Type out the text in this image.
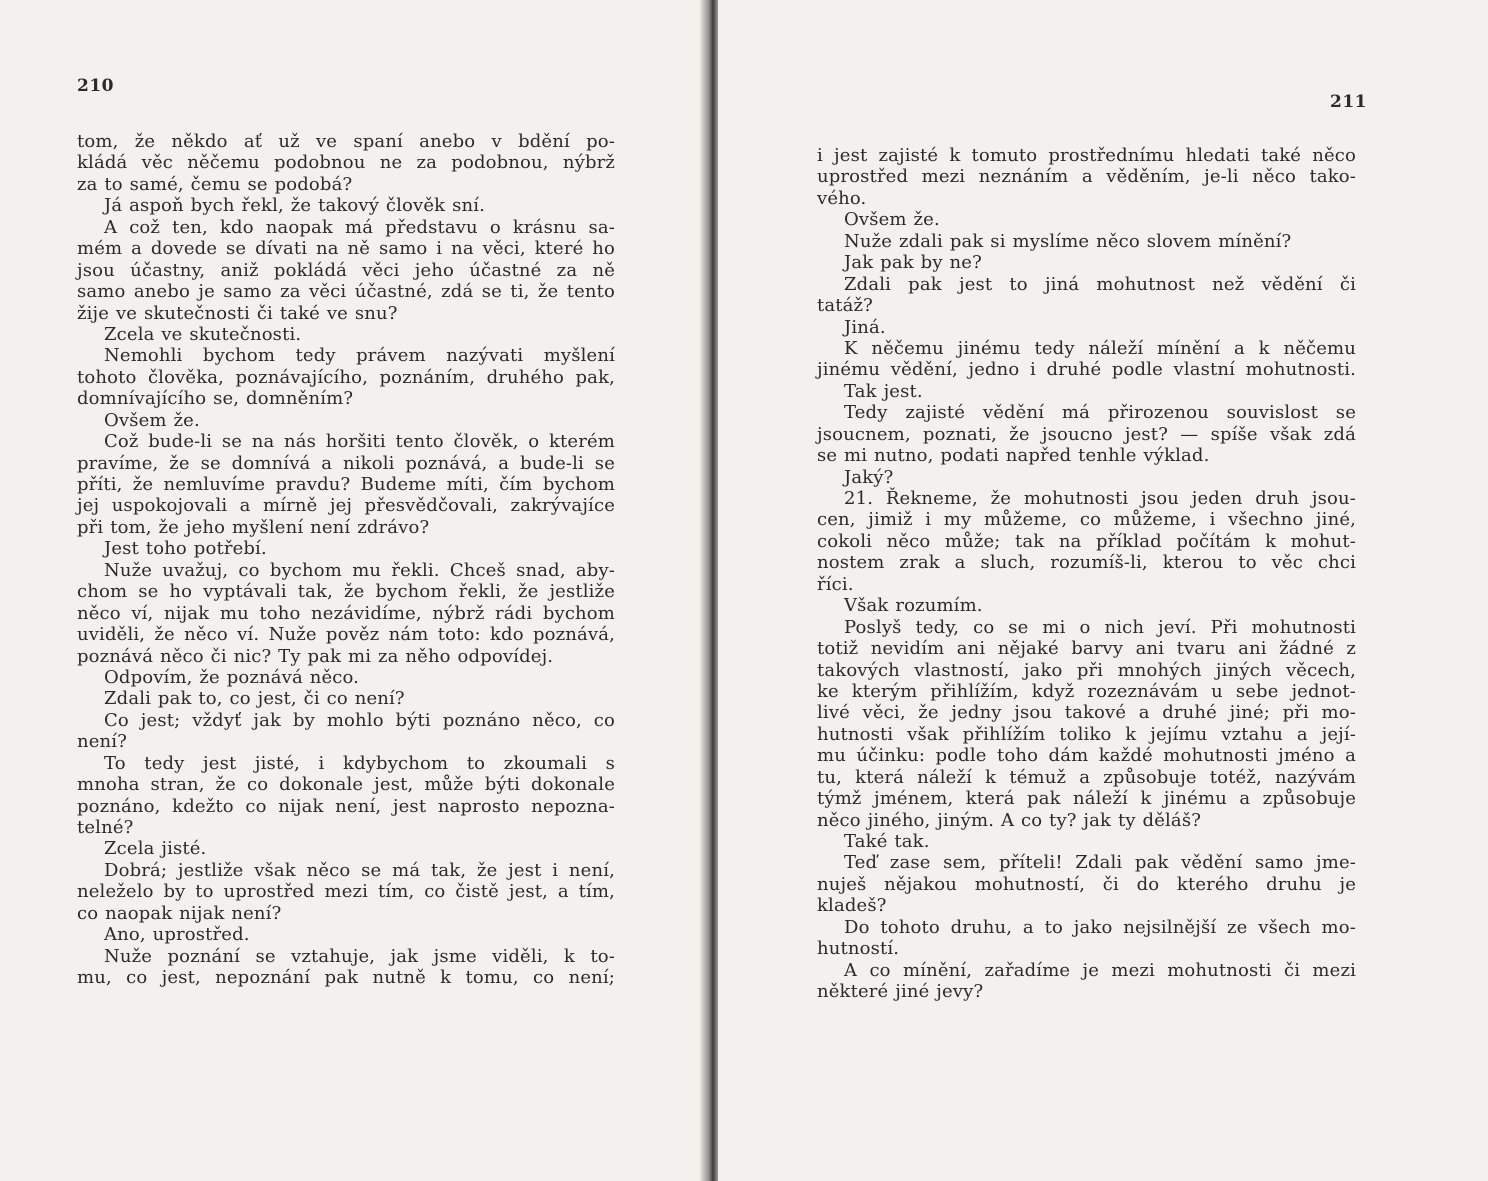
210
tom, že někdo ať už ve spaní anebo v bdění po-
kládá věc něčemu podobnou ne za podobnou, nýbrž
za to samé, čemu se podobá?
Já aspoň bych řekl, že takový člověk sní.
A což ten, kdo naopak má představu o krásnu sa-
mém a dovede se dívati na ně samo i na věci, které ho
jsou účastny, aniž pokládá věci jeho účastné za ně
samo anebo je samo za věci účastné, zdá se ti, že tento
žije ve skutečnosti či také ve snu?
Zcela ve skutečnosti.
Nemohli bychom tedy právem nazývati myšlení
tohoto člověka, poznávajícího, poznáním, druhého pak,
domnívajícího se, domněním?
Ovšem že.
Což bude-li se na nás horšiti tento člověk, o kterém
pravíme, že se domnívá a nikoli poznává, a bude-li se
příti, že nemluvíme pravdu? Budeme míti, čím bychom
jej uspokojovali a mírně jej přesvědčovali, zakrývajíce
při tom, že jeho myšlení není zdrávo?
Jest toho potřebí.
Nuže uvažuj, co bychom mu řekli. Chceš snad, aby-
chom se ho vyptávali tak, že bychom řekli, že jestliže
něco ví, nijak mu toho nezávidíme, nýbrž rádi bychom
uviděli, že něco ví. Nuže pověz nám toto: kdo poznává,
poznává něco či nic? Ty pak mi za něho odpovídej.
Odpovím, že poznává něco.
Zdali pak to, co jest, či co není?
Co jest; vždyť jak by mohlo býti poznáno něco, co
není?
To tedy jest jisté, i kdybychom to zkoumali s
mnoha stran, že co dokonale jest, může býti dokonale
poznáno, kdežto co nijak není, jest naprosto nepozna-
telné?
Zcela jisté.
Dobrá; jestliže však něco se má tak, že jest i není,
neleželo by to uprostřed mezi tím, co čistě jest, a tím,
co naopak nijak není?
Ano, uprostřed.
Nuže poznání se vztahuje, jak jsme viděli, k to-
mu, co jest, nepoznání pak nutně k tomu, co není;
211
i jest zajisté k tomuto prostřednímu hledati také něco
uprostřed mezi neznáním a věděním, je-li něco tako-
vého.
Ovšem že.
Nuže zdali pak si myslíme něco slovem mínění?
Jak pak by ne?
Zdali pak jest to jiná mohutnost než vědění či
tatáž?
Jiná.
K něčemu jinému tedy náleží mínění a k něčemu
jinému vědění, jedno i druhé podle vlastní mohutnosti.
Tak jest.
Tedy zajisté vědění má přirozenou souvislost se
jsoucnem, poznati, že jsoucno jest? — spíše však zdá
se mi nutno, podati napřed tenhle výklad.
Jaký?
21. Řekneme, že mohutnosti jsou jeden druh jsou-
cen, jimiž i my můžeme, co můžeme, i všechno jiné,
cokoli něco může; tak na příklad počítám k mohut-
nostem zrak a sluch, rozumíš-li, kterou to věc chci
říci.
Však rozumím.
Poslyš tedy, co se mi o nich jeví. Při mohutnosti
totiž nevidím ani nějaké barvy ani tvaru ani žádné z
takových vlastností, jako při mnohých jiných věcech,
ke kterým přihlížím, když rozeznávám u sebe jednot-
livé věci, že jedny jsou takové a druhé jiné; při mo-
hutnosti však přihlížím toliko k jejímu vztahu a její-
mu účinku: podle toho dám každé mohutnosti jméno a
tu, která náleží k témuž a způsobuje totéž, nazývám
týmž jménem, která pak náleží k jinému a způsobuje
něco jiného, jiným. A co ty? jak ty děláš?
Také tak.
Teď zase sem, příteli! Zdali pak vědění samo jme-
nuješ nějakou mohutností, či do kterého druhu je
kladeš?
Do tohoto druhu, a to jako nejsilnější ze všech mo-
hutností.
A co mínění, zařadíme je mezi mohutnosti či mezi
některé jiné jevy?
